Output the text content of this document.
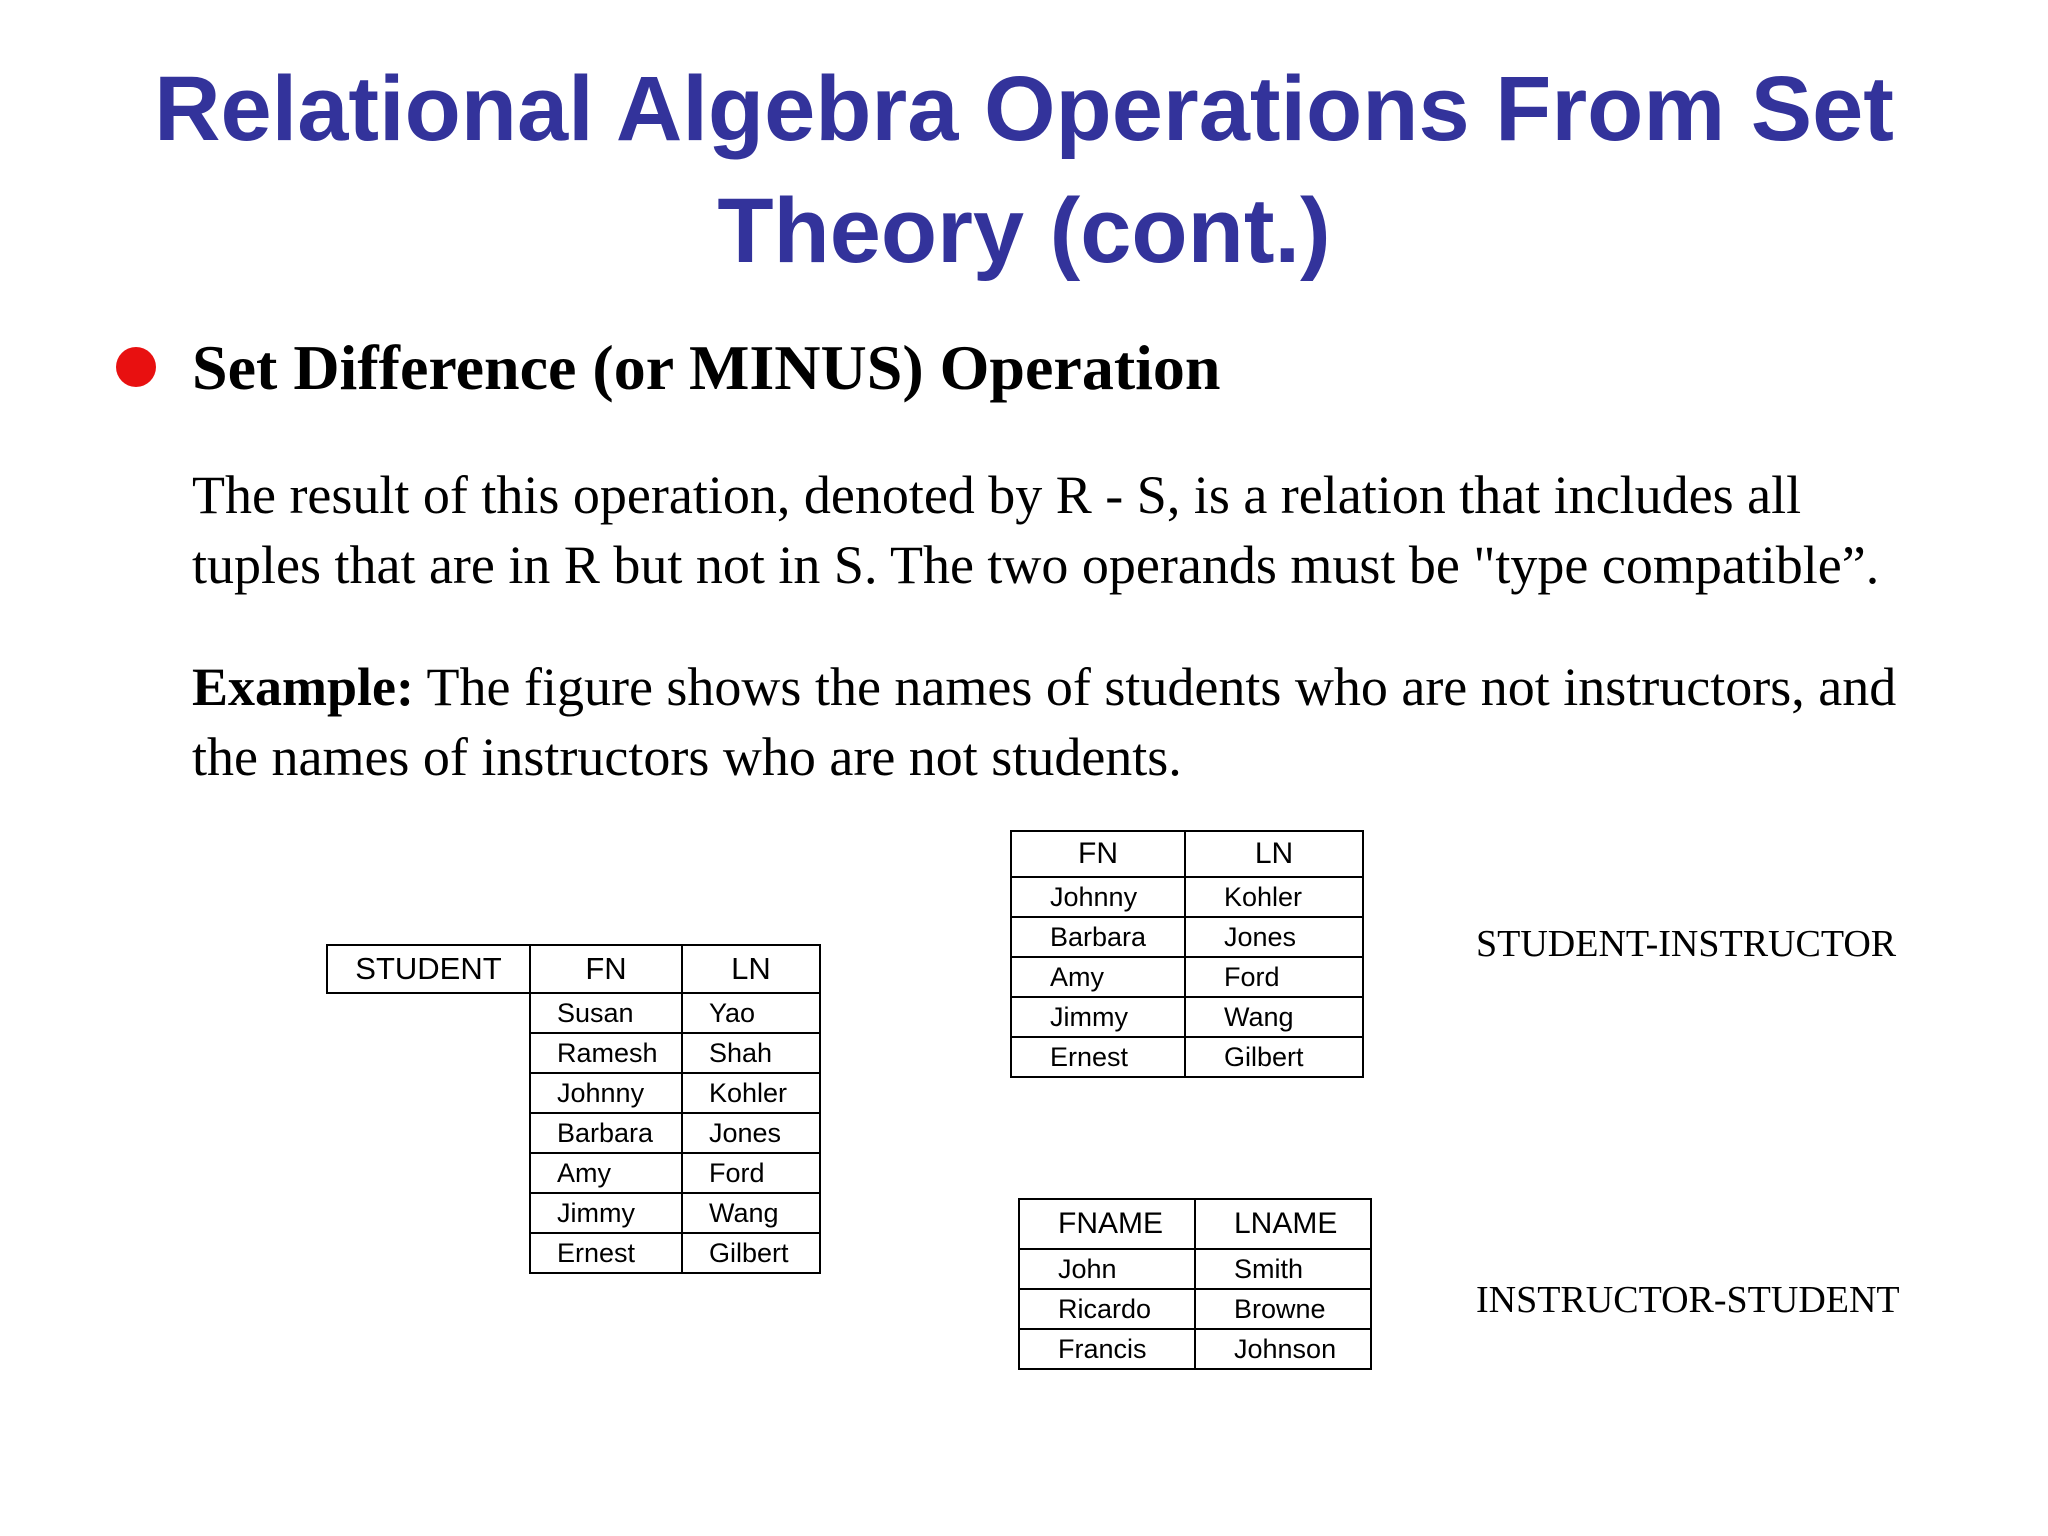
Relational Algebra Operations From Set
Theory (cont.)
Set Difference (or MINUS) Operation
The result of this operation, denoted by R - S, is a relation that includes all
tuples that are in R but not in S. The two operands must be "type compatible”.
Example: The figure shows the names of students who are not instructors, and
the names of instructors who are not students.
STUDENT	FN	LN
	Susan	Yao
	Ramesh	Shah
	Johnny	Kohler
	Barbara	Jones
	Amy	Ford
	Jimmy	Wang
	Ernest	Gilbert
FN	LN
Johnny	Kohler
Barbara	Jones
Amy	Ford
Jimmy	Wang
Ernest	Gilbert
STUDENT-INSTRUCTOR
FNAME	LNAME
John	Smith
Ricardo	Browne
Francis	Johnson
INSTRUCTOR-STUDENT
